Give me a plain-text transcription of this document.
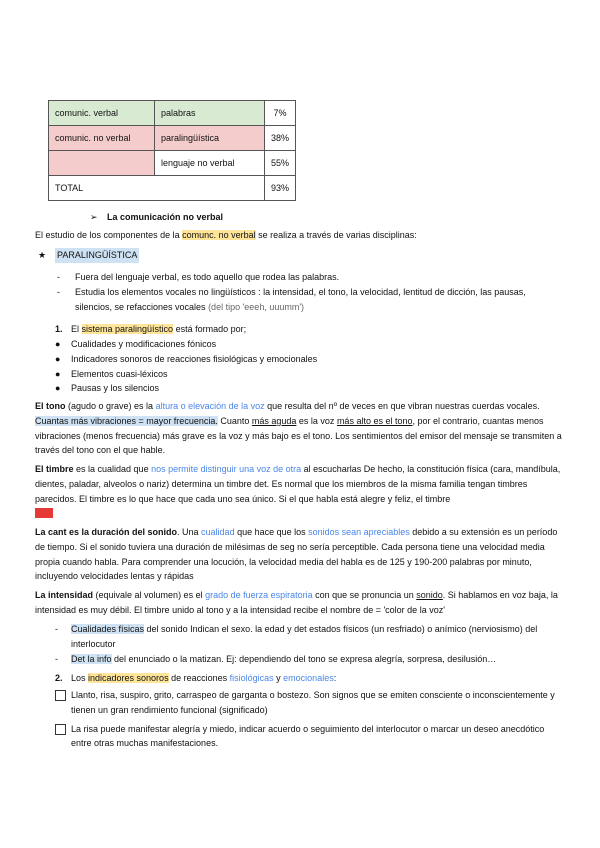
comunic. verbal	palabras	7%
comunic. no verbal	paralingüística	38%
	lenguaje no verbal	55%
TOTAL		93%
➢ La comunicación no verbal
El estudio de los componentes de la comunc. no verbal se realiza a través de varias disciplinas:
★ PARALINGÜÍSTICA
- Fuera del lenguaje verbal, es todo aquello que rodea las palabras.
- Estudia los elementos vocales no lingüísticos : la intensidad, el tono, la velocidad, lentitud de dicción, las pausas, silencios, se refacciones vocales (del tipo 'eeeh, uuumm')
1. El sistema paralingüístico está formado por;
● Cualidades y modificaciones fónicos
● Indicadores sonoros de reacciones fisiológicas y emocionales
● Elementos cuasi-léxicos
● Pausas y los silencios
El tono (agudo o grave) es la altura o elevación de la voz que resulta del nº de veces en que vibran nuestras cuerdas vocales. Cuantas más vibraciones = mayor frecuencia. Cuanto más aguda es la voz más alto es el tono, por el contrario, cuantas menos vibraciones (menos frecuencia) más grave es la voz y más bajo es el tono. Los sentimientos del emisor del mensaje se transmiten a través del tono con el que hable.
El timbre es la cualidad que nos permite distinguir una voz de otra al escucharlas De hecho, la constitución física (cara, mandíbula, dientes, paladar, alveolos o nariz) determina un timbre det. Es normal que los miembros de la misma familia tengan timbres parecidos. El timbre es lo que hace que cada uno sea único. Si el que habla está alegre y feliz, el timbre
……
La cant es la duración del sonido. Una cualidad que hace que los sonidos sean apreciables debido a su extensión es un período de tiempo. Si el sonido tuviera una duración de milésimas de seg no sería perceptible. Cada persona tiene una velocidad media propia cuando habla. Para comprender una locución, la velocidad media del habla es de 125 y 190-200 palabras por minuto, incluyendo velocidades lentas y rápidas
La intensidad (equivale al volumen) es el grado de fuerza espiratoria con que se pronuncia un sonido. Si hablamos en voz baja, la intensidad es muy débil. El timbre unido al tono y a la intensidad recibe el nombre de = 'color de la voz'
- Cualidades físicas del sonido Indican el sexo. la edad y det estados físicos (un resfriado) o anímico (nerviosismo) del interlocutor
- Det la info del enunciado o la matizan. Ej: dependiendo del tono se expresa alegría, sorpresa, desilusión…
2. Los indicadores sonoros de reacciones fisiológicas y emocionales:
Llanto, risa, suspiro, grito, carraspeo de garganta o bostezo. Son signos que se emiten consciente o inconscientemente y tienen un gran rendimiento funcional (significado)
La risa puede manifestar alegría y miedo, indicar acuerdo o seguimiento del interlocutor o marcar un deseo anecdótico entre otras muchas manifestaciones.
